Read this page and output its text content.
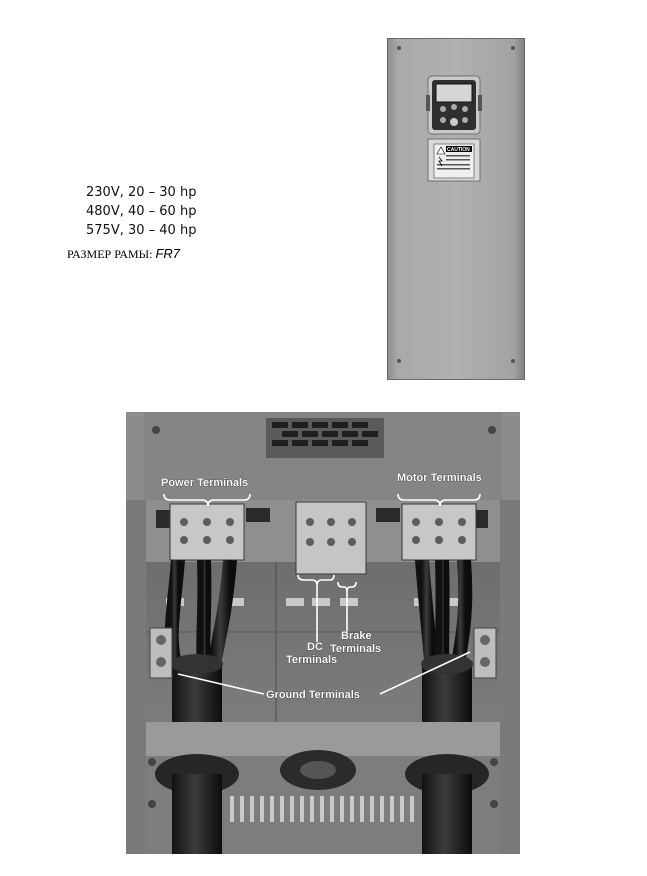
230V, 20 – 30 hp
480V, 40 – 60 hp
575V, 30 – 40 hp
РАЗМЕР РАМЫ: FR7
CAUTION
Power Terminals	Motor Terminals
DC
Terminals
Brake
Terminals
Ground Terminals
